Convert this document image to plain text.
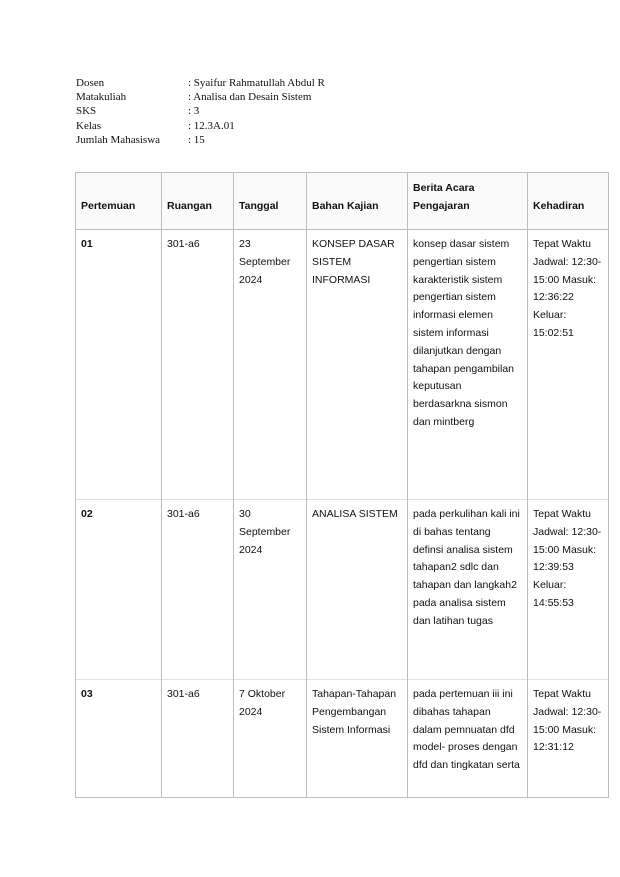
Dosen	: Syaifur Rahmatullah Abdul R
Matakuliah	: Analisa dan Desain Sistem
SKS	: 3
Kelas	: 12.3A.01
Jumlah Mahasiswa	: 15
Pertemuan	Ruangan	Tanggal	Bahan Kajian	Berita Acara Pengajaran	Kehadiran
01	301-a6	23 September 2024	KONSEP DASAR SISTEM INFORMASI	konsep dasar sistem pengertian sistem karakteristik sistem pengertian sistem informasi elemen sistem informasi dilanjutkan dengan tahapan pengambilan keputusan berdasarkna sismon dan mintberg	Tepat Waktu Jadwal: 12:30-15:00 Masuk: 12:36:22 Keluar: 15:02:51
02	301-a6	30 September 2024	ANALISA SISTEM	pada perkulihan kali ini di bahas tentang definsi analisa sistem tahapan2 sdlc dan tahapan dan langkah2 pada analisa sistem dan latihan tugas	Tepat Waktu Jadwal: 12:30-15:00 Masuk: 12:39:53 Keluar: 14:55:53
03	301-a6	7 Oktober 2024	Tahapan-Tahapan Pengembangan Sistem Informasi	pada pertemuan iii ini dibahas tahapan dalam pemnuatan dfd model- proses dengan dfd dan tingkatan serta	Tepat Waktu Jadwal: 12:30-15:00 Masuk: 12:31:12
